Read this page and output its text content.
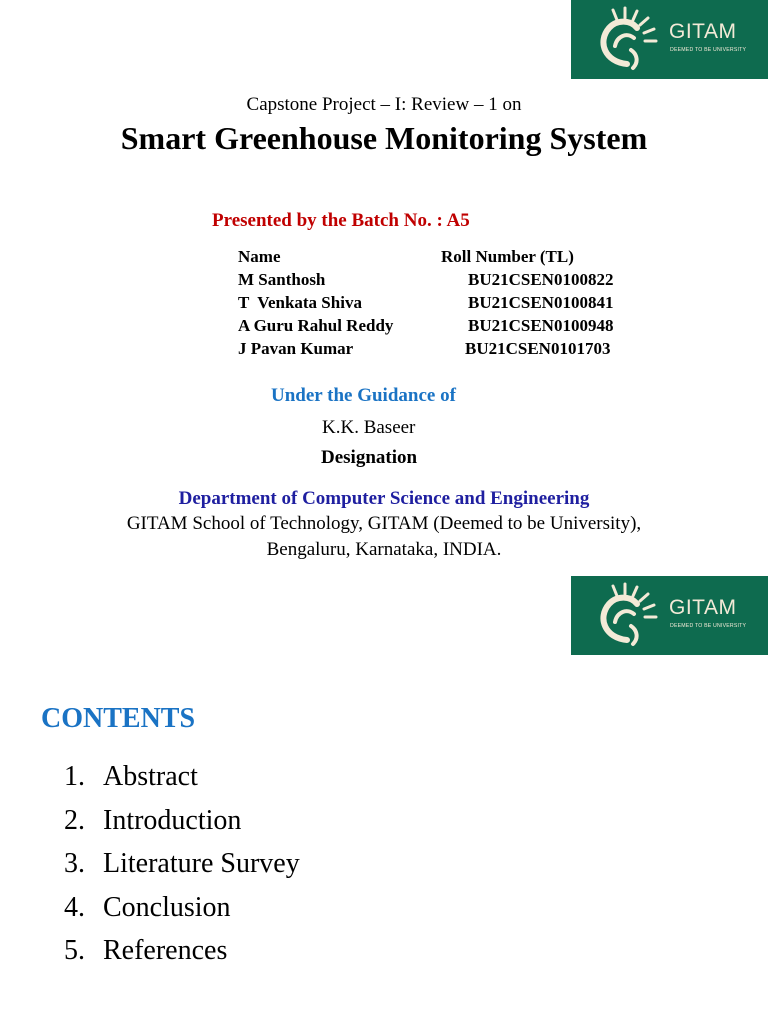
GITAM
DEEMED TO BE UNIVERSITY
Capstone Project – I: Review – 1 on
Smart Greenhouse Monitoring System
Presented by the Batch No. : A5
Name	Roll Number (TL)
M Santhosh	BU21CSEN0100822
T  Venkata Shiva	BU21CSEN0100841
A Guru Rahul Reddy	BU21CSEN0100948
J Pavan Kumar	BU21CSEN0101703
Under the Guidance of
K.K. Baseer
Designation
Department of Computer Science and Engineering
GITAM School of Technology, GITAM (Deemed to be University),
Bengaluru, Karnataka, INDIA.
GITAM
DEEMED TO BE UNIVERSITY
CONTENTS
1. Abstract
2. Introduction
3. Literature Survey
4. Conclusion
5. References
